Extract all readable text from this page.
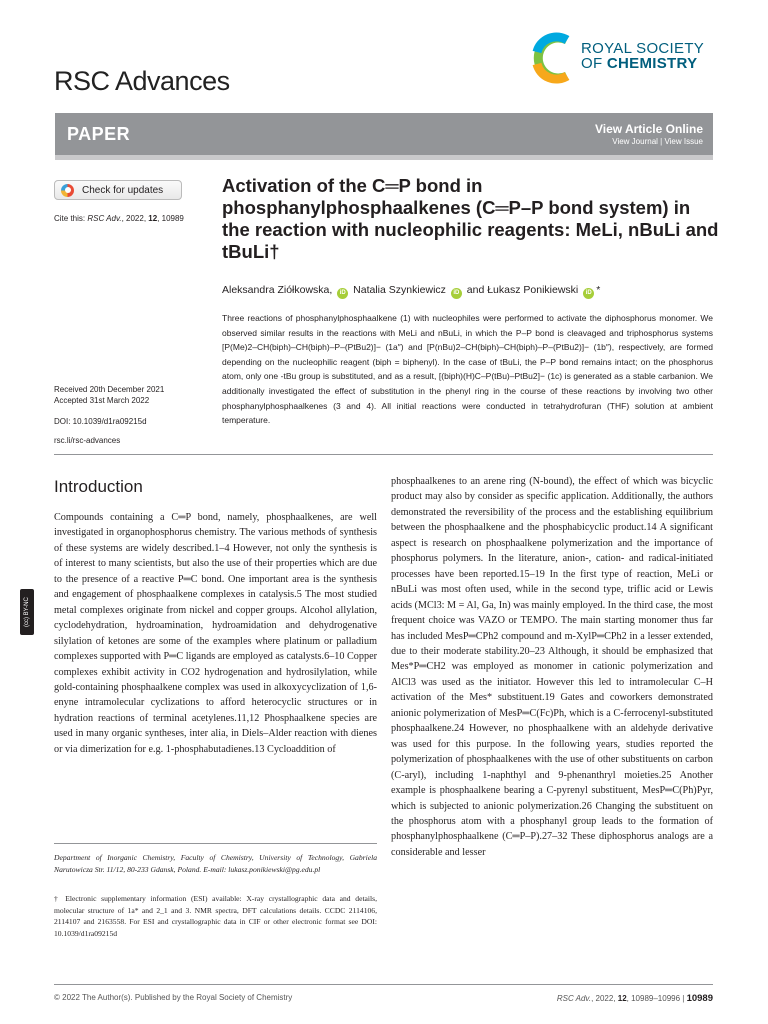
RSC Advances
ROYAL SOCIETY
OF CHEMISTRY
PAPER	View Article Online
View Journal | View Issue
Check for updates
Cite this: RSC Adv., 2022, 12, 10989
Activation of the C═P bond in phosphanylphosphaalkenes (C═P–P bond system) in the reaction with nucleophilic reagents: MeLi, nBuLi and tBuLi†
Aleksandra Ziółkowska, iD Natalia Szynkiewicz iD and Łukasz Ponikiewski iD *
Three reactions of phosphanylphosphaalkene (1) with nucleophiles were performed to activate the diphosphorus monomer. We observed similar results in the reactions with MeLi and nBuLi, in which the P–P bond is cleavaged and triphosphorus systems [P(Me)2–CH(biph)–CH(biph)–P–(PtBu2)]− (1a″) and [P(nBu)2–CH(biph)–CH(biph)–P–(PtBu2)]− (1b″), respectively, are formed depending on the nucleophilic reagent (biph = biphenyl). In the case of tBuLi, the P–P bond remains intact; on the phosphorus atom, only one -tBu group is substituted, and as a result, [(biph)(H)C–P(tBu)–PtBu2]− (1c) is generated as a stable carbanion. We additionally investigated the effect of substitution in the phenyl ring in the course of these reactions by involving two other phosphanylphosphaalkenes (3 and 4). All initial reactions were conducted in tetrahydrofuran (THF) solution at ambient temperature.
Received 20th December 2021
Accepted 31st March 2022
DOI: 10.1039/d1ra09215d
rsc.li/rsc-advances
(cc) BY-NC
Introduction
Compounds containing a C═P bond, namely, phosphaalkenes, are well investigated in organophosphorus chemistry. The various methods of synthesis of these systems are widely described.1–4 However, not only the synthesis is of interest to many scientists, but also the use of their properties which are due to the presence of a reactive P═C bond. One important area is the synthesis and engagement of phosphaalkene complexes in catalysis.5 The most studied metal complexes originate from nickel and copper groups. Alcohol allylation, cyclodehydration, hydroamination, hydroamidation and dehydrogenative silylation of ketones are some of the examples where platinum or palladium complexes supported with P═C ligands are employed as catalysts.6–10 Copper complexes exhibit activity in CO2 hydrogenation and hydrosilylation, while gold-containing phosphaalkene complex was used in alkoxycyclization of 1,6-enyne intramolecular cyclizations to afford heterocyclic structures or in hydration reactions of terminal acetylenes.11,12 Phosphaalkene species are used in many organic syntheses, inter alia, in Diels–Alder reaction with dienes or via dimerization for e.g. 1-phosphabutadienes.13 Cycloaddition of
phosphaalkenes to an arene ring (N-bound), the effect of which was bicyclic product may also by consider as specific application. Additionally, the authors demonstrated the reversibility of the process and the establishing equilibrium between the phosphaalkene and the phosphabicyclic product.14 A significant aspect is research on phosphaalkene polymerization and the importance of phosphorus polymers. In the literature, anion-, cation- and radical-initiated processes have been reported.15–19 In the first type of reaction, MeLi or nBuLi was most often used, while in the second type, triflic acid or Lewis acids (MCl3: M = Al, Ga, In) was mainly employed. In the third case, the most frequent choice was VAZO or TEMPO. The main starting monomer thus far has included MesP═CPh2 compound and m-XylP═CPh2 in a lesser extended, due to their moderate stability.20–23 Although, it should be emphasized that Mes*P═CH2 was employed as monomer in cationic polymerization and AlCl3 was used as the initiator. However this led to intramolecular C–H activation of the Mes* substituent.19 Gates and coworkers demonstrated anionic polymerization of MesP═C(Fc)Ph, which is a C-ferrocenyl-substituted phosphaalkene.24 However, no phosphaalkene with an aldehyde derivative was used for this purpose. In the following years, studies reported the polymerization of phosphaalkenes with the use of other substituents on carbon (C-aryl), including 1-naphthyl and 9-phenanthryl moieties.25 Another example is phosphaalkene bearing a C-pyrenyl substituent, MesP═C(Ph)Pyr, which is subjected to anionic polymerization.26 Changing the substituent on the phosphorus atom with a phosphanyl group leads to the formation of phosphanylphosphaalkene (C═P–P).27–32 These diphosphorus analogs are a considerable and lesser
Department of Inorganic Chemistry, Faculty of Chemistry, University of Technology, Gabriela Narutowicza Str. 11/12, 80-233 Gdansk, Poland. E-mail: lukasz.ponikiewski@pg.edu.pl
† Electronic supplementary information (ESI) available: X-ray crystallographic data and details, molecular structure of 1a* and 2_1 and 3. NMR spectra, DFT calculations details. CCDC 2114106, 2114107 and 2163558. For ESI and crystallographic data in CIF or other electronic format see DOI: 10.1039/d1ra09215d
© 2022 The Author(s). Published by the Royal Society of Chemistry	RSC Adv., 2022, 12, 10989–10996 | 10989
